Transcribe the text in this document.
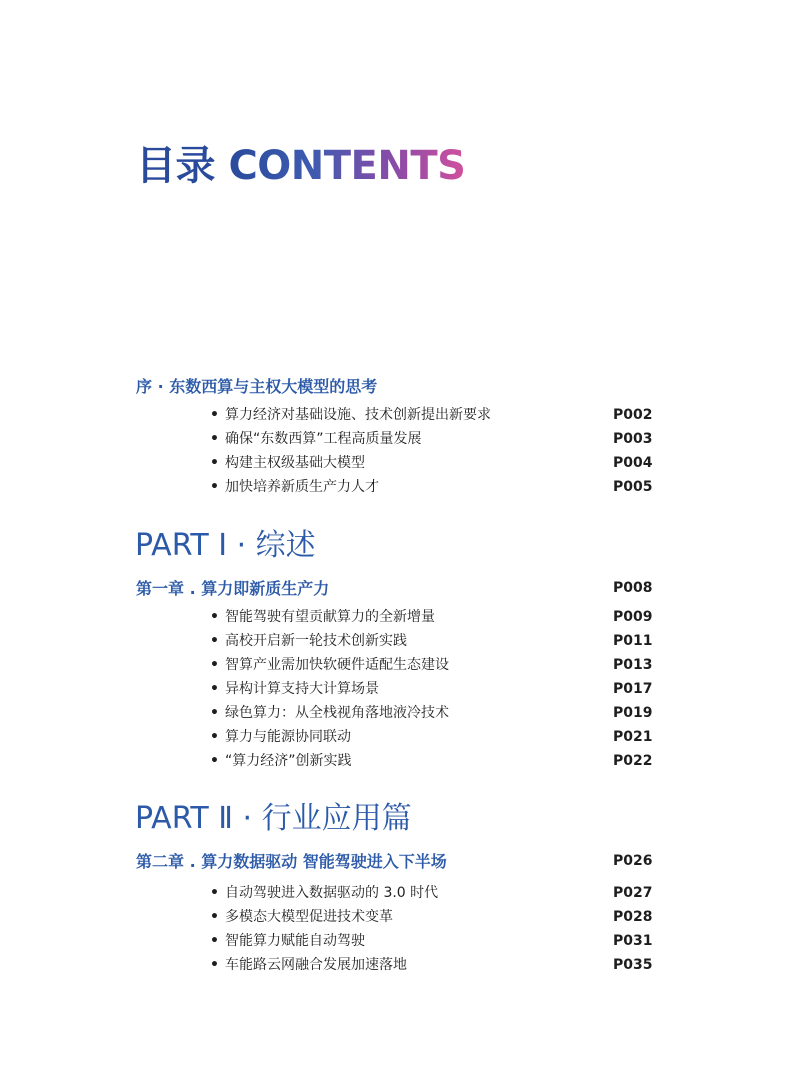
目录 CONTENTS
序 · 东数西算与主权大模型的思考
• 算力经济对基础设施、技术创新提出新要求	P002
• 确保“东数西算”工程高质量发展	P003
• 构建主权级基础大模型	P004
• 加快培养新质生产力人才	P005
PART Ⅰ · 综述
第一章 . 算力即新质生产力	P008
• 智能驾驶有望贡献算力的全新增量	P009
• 高校开启新一轮技术创新实践	P011
• 智算产业需加快软硬件适配生态建设	P013
• 异构计算支持大计算场景	P017
• 绿色算力：从全栈视角落地液冷技术	P019
• 算力与能源协同联动	P021
• “算力经济”创新实践	P022
PART Ⅱ · 行业应用篇
第二章 . 算力数据驱动 智能驾驶进入下半场	P026
• 自动驾驶进入数据驱动的 3.0 时代	P027
• 多模态大模型促进技术变革	P028
• 智能算力赋能自动驾驶	P031
• 车能路云网融合发展加速落地	P035
